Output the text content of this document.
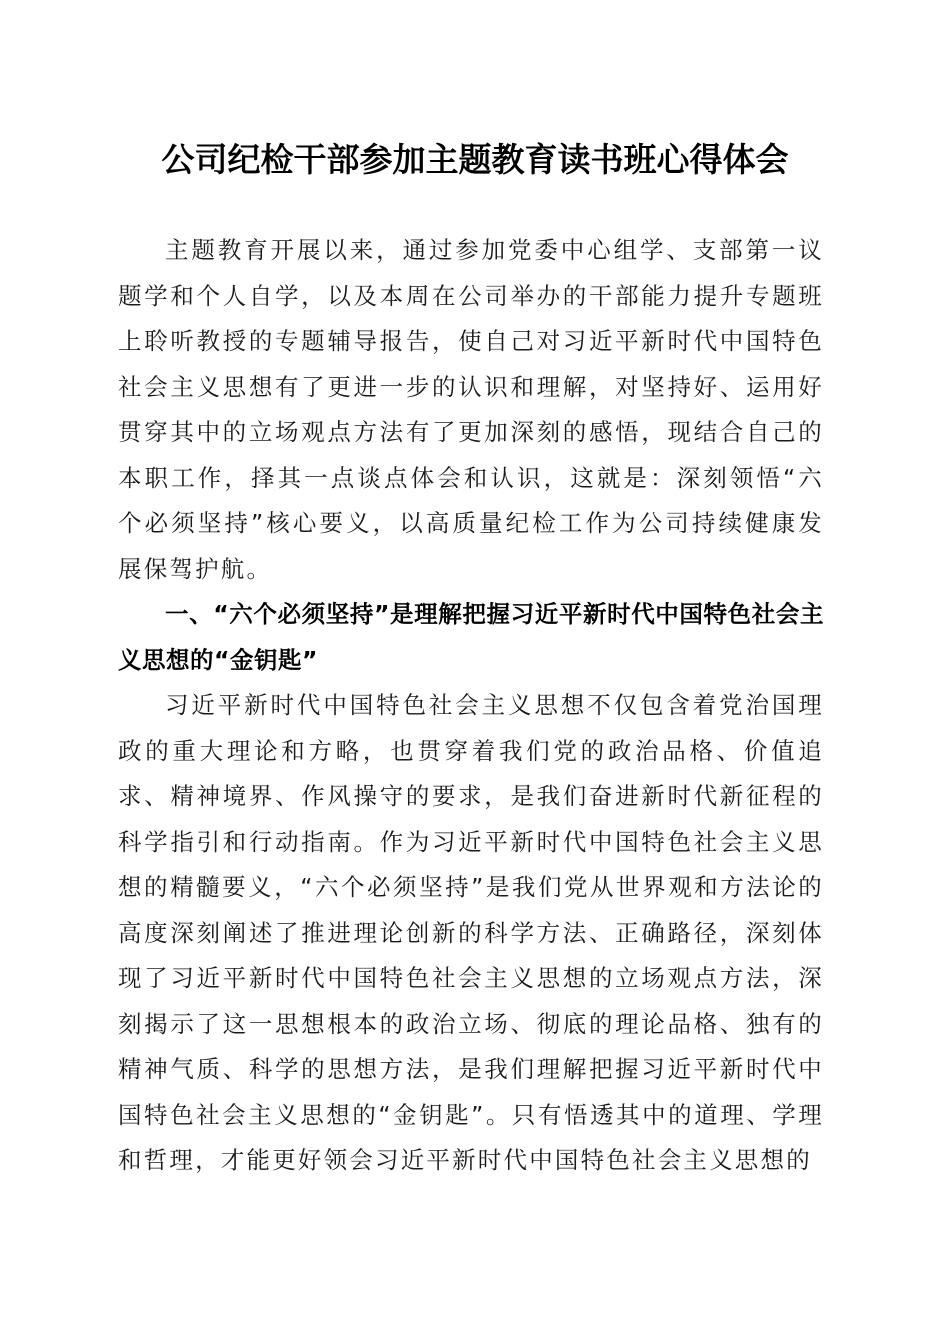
公司纪检干部参加主题教育读书班心得体会

主题教育开展以来，通过参加党委中心组学、支部第一议题学和个人自学，以及本周在公司举办的干部能力提升专题班上聆听教授的专题辅导报告，使自己对习近平新时代中国特色社会主义思想有了更进一步的认识和理解，对坚持好、运用好贯穿其中的立场观点方法有了更加深刻的感悟，现结合自己的本职工作，择其一点谈点体会和认识，这就是：深刻领悟“六个必须坚持”核心要义，以高质量纪检工作为公司持续健康发展保驾护航。

一、“六个必须坚持”是理解把握习近平新时代中国特色社会主义思想的“金钥匙”

习近平新时代中国特色社会主义思想不仅包含着党治国理政的重大理论和方略，也贯穿着我们党的政治品格、价值追求、精神境界、作风操守的要求，是我们奋进新时代新征程的科学指引和行动指南。作为习近平新时代中国特色社会主义思想的精髓要义，“六个必须坚持”是我们党从世界观和方法论的高度深刻阐述了推进理论创新的科学方法、正确路径，深刻体现了习近平新时代中国特色社会主义思想的立场观点方法，深刻揭示了这一思想根本的政治立场、彻底的理论品格、独有的精神气质、科学的思想方法，是我们理解把握习近平新时代中国特色社会主义思想的“金钥匙”。只有悟透其中的道理、学理和哲理，才能更好领会习近平新时代中国特色社会主义思想的
